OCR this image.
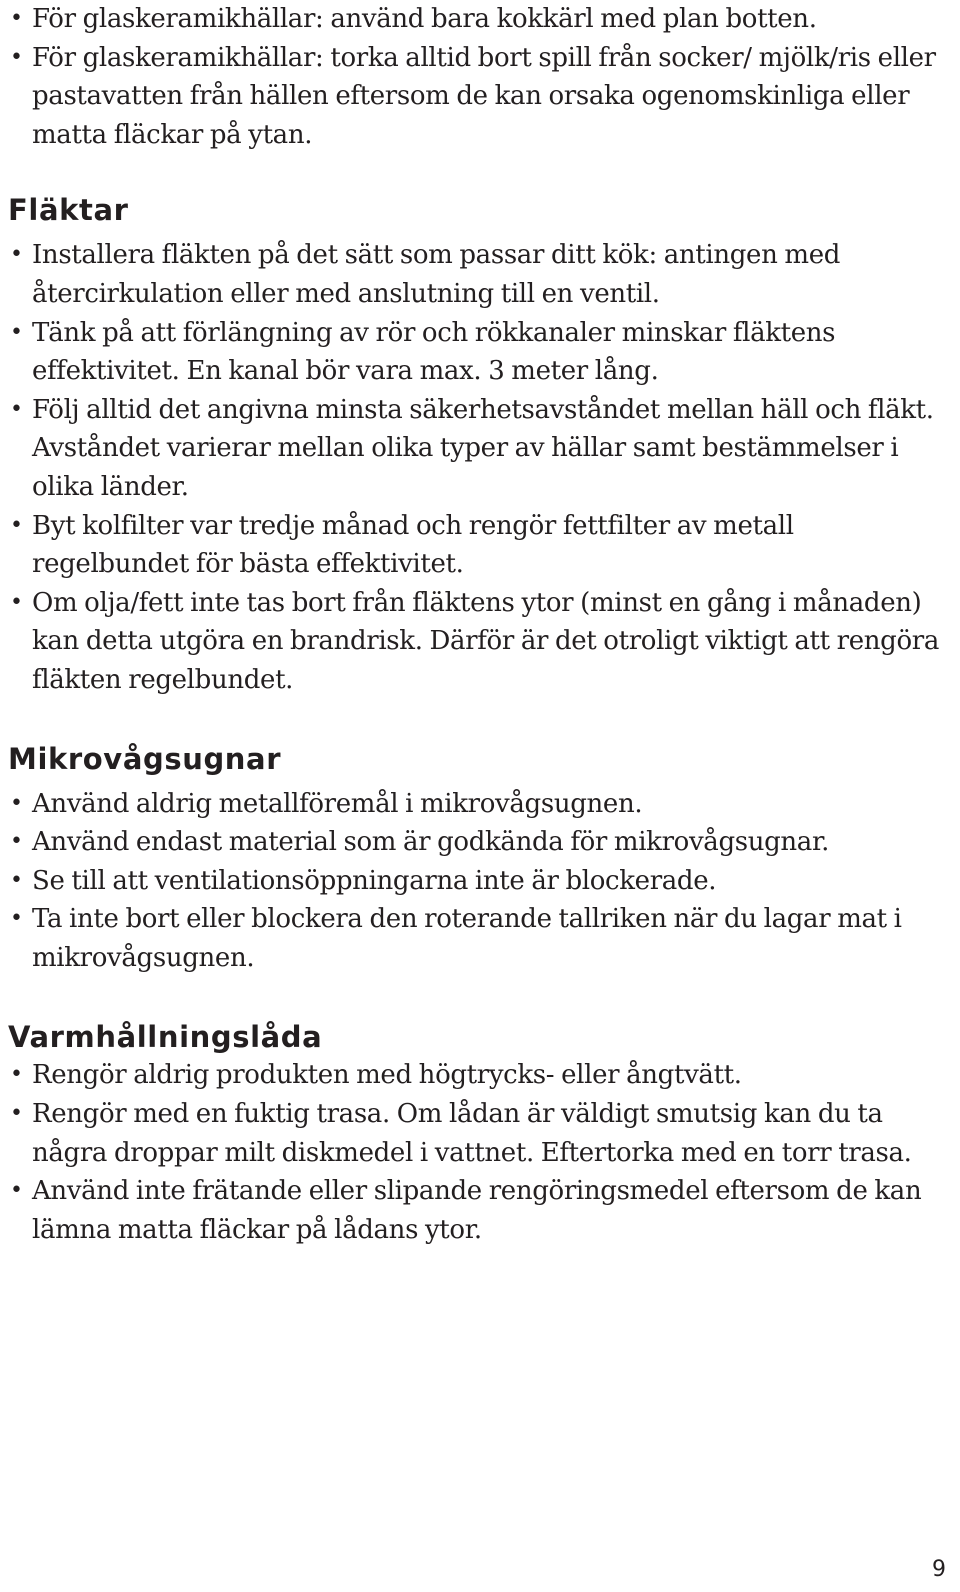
• För glaskeramikhällar: använd bara kokkärl med plan botten.
• För glaskeramikhällar: torka alltid bort spill från socker/ mjölk/ris eller pastavatten från hällen eftersom de kan orsaka ogenomskinliga eller matta fläckar på ytan.
Fläktar
• Installera fläkten på det sätt som passar ditt kök: antingen med återcirkulation eller med anslutning till en ventil.
• Tänk på att förlängning av rör och rökkanaler minskar fläktens effektivitet. En kanal bör vara max. 3 meter lång.
• Följ alltid det angivna minsta säkerhetsavståndet mellan häll och fläkt. Avståndet varierar mellan olika typer av hällar samt bestämmelser i olika länder.
• Byt kolfilter var tredje månad och rengör fettfilter av metall regelbundet för bästa effektivitet.
• Om olja/fett inte tas bort från fläktens ytor (minst en gång i månaden) kan detta utgöra en brandrisk. Därför är det otroligt viktigt att rengöra fläkten regelbundet.
Mikrovågsugnar
• Använd aldrig metallföremål i mikrovågsugnen.
• Använd endast material som är godkända för mikrovågsugnar.
• Se till att ventilationsöppningarna inte är blockerade.
• Ta inte bort eller blockera den roterande tallriken när du lagar mat i mikrovågsugnen.
Varmhållningslåda
• Rengör aldrig produkten med högtrycks- eller ångtvätt.
• Rengör med en fuktig trasa. Om lådan är väldigt smutsig kan du ta några droppar milt diskmedel i vattnet. Eftertorka med en torr trasa.
• Använd inte frätande eller slipande rengöringsmedel eftersom de kan lämna matta fläckar på lådans ytor.
9
